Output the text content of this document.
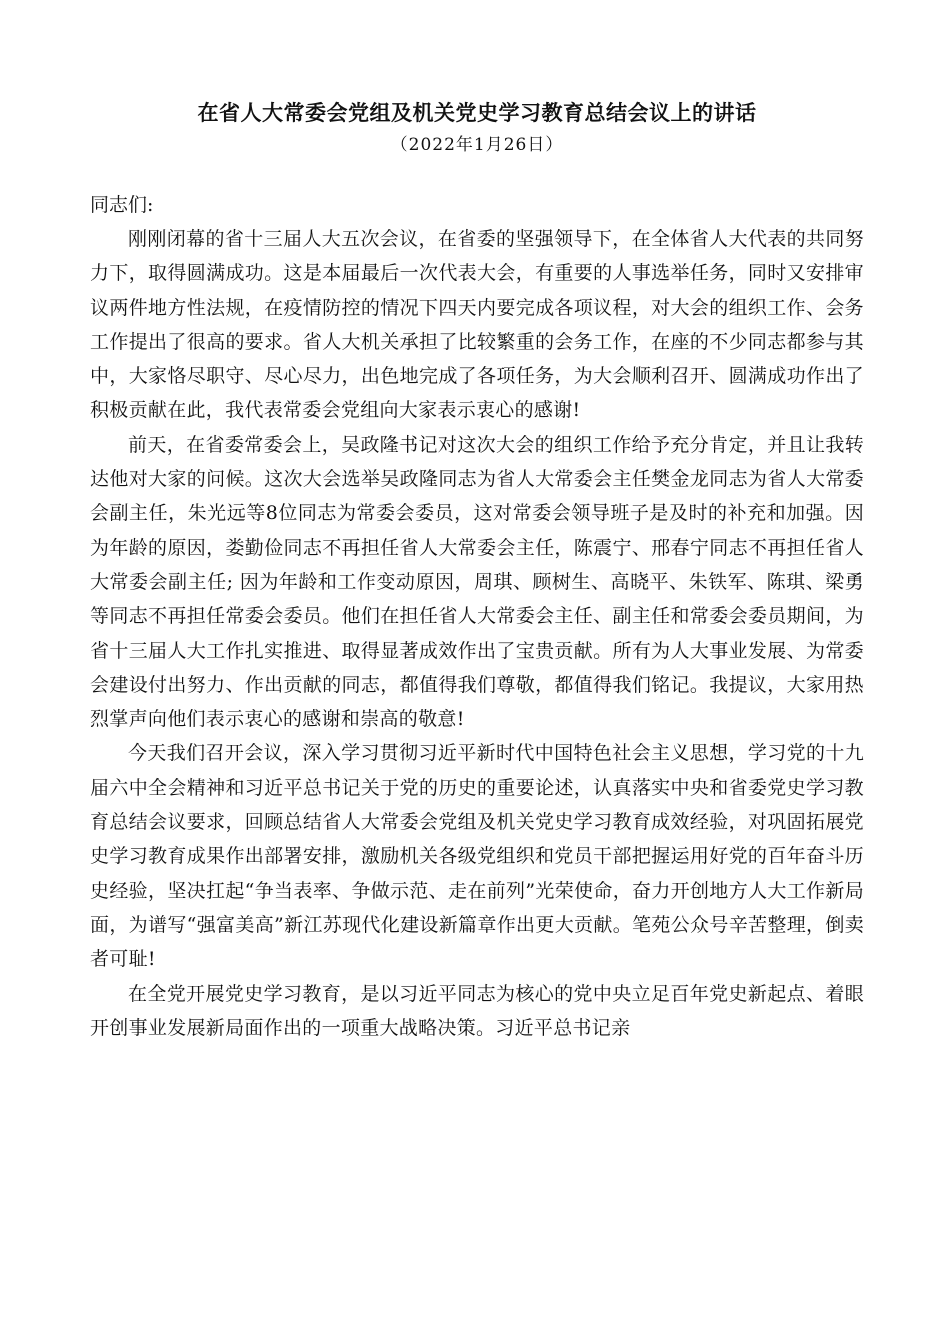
在省人大常委会党组及机关党史学习教育总结会议上的讲话

（2022年1月26日）

同志们:

刚刚闭幕的省十三届人大五次会议，在省委的坚强领导下，在全体省人大代表的共同努力下，取得圆满成功。这是本届最后一次代表大会，有重要的人事选举任务，同时又安排审议两件地方性法规，在疫情防控的情况下四天内要完成各项议程，对大会的组织工作、会务工作提出了很高的要求。省人大机关承担了比较繁重的会务工作，在座的不少同志都参与其中，大家恪尽职守、尽心尽力，出色地完成了各项任务，为大会顺利召开、圆满成功作出了积极贡献在此，我代表常委会党组向大家表示衷心的感谢!

前天，在省委常委会上，吴政隆书记对这次大会的组织工作给予充分肯定，并且让我转达他对大家的问候。这次大会选举吴政隆同志为省人大常委会主任樊金龙同志为省人大常委会副主任，朱光远等8位同志为常委会委员，这对常委会领导班子是及时的补充和加强。因为年龄的原因，娄勤俭同志不再担任省人大常委会主任，陈震宁、邢春宁同志不再担任省人大常委会副主任; 因为年龄和工作变动原因，周琪、顾树生、高晓平、朱铁军、陈琪、梁勇等同志不再担任常委会委员。他们在担任省人大常委会主任、副主任和常委会委员期间，为省十三届人大工作扎实推进、取得显著成效作出了宝贵贡献。所有为人大事业发展、为常委会建设付出努力、作出贡献的同志，都值得我们尊敬，都值得我们铭记。我提议，大家用热烈掌声向他们表示衷心的感谢和崇高的敬意!

今天我们召开会议，深入学习贯彻习近平新时代中国特色社会主义思想，学习党的十九届六中全会精神和习近平总书记关于党的历史的重要论述，认真落实中央和省委党史学习教育总结会议要求，回顾总结省人大常委会党组及机关党史学习教育成效经验，对巩固拓展党史学习教育成果作出部署安排，激励机关各级党组织和党员干部把握运用好党的百年奋斗历史经验，坚决扛起“争当表率、争做示范、走在前列”光荣使命，奋力开创地方人大工作新局面，为谱写“强富美高”新江苏现代化建设新篇章作出更大贡献。笔苑公众号辛苦整理，倒卖者可耻!

在全党开展党史学习教育，是以习近平同志为核心的党中央立足百年党史新起点、着眼开创事业发展新局面作出的一项重大战略决策。习近平总书记亲
